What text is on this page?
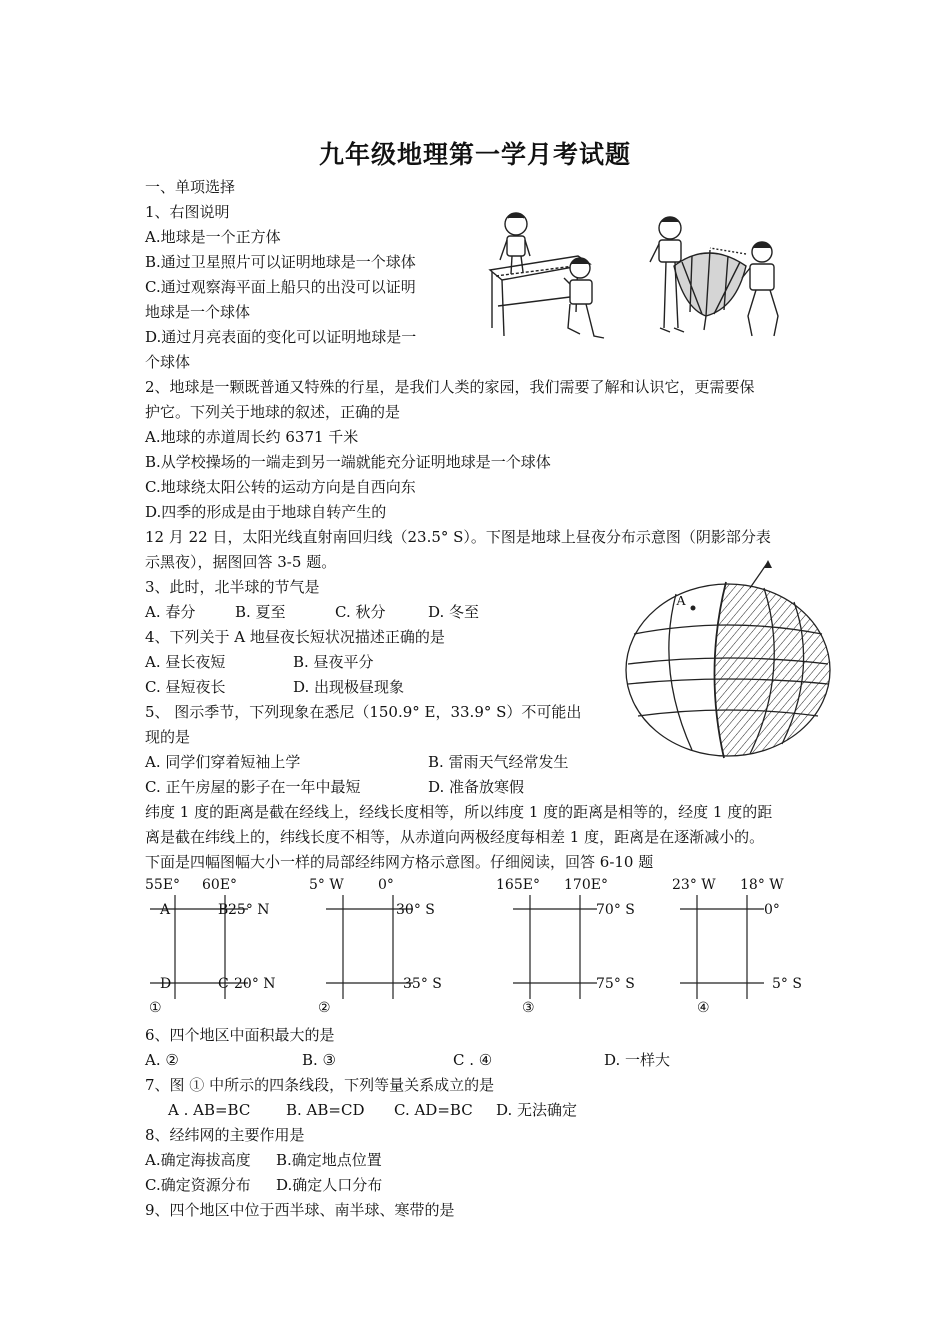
九年级地理第一学月考试题
一、单项选择
1、右图说明
A.地球是一个正方体
B.通过卫星照片可以证明地球是一个球体
C.通过观察海平面上船只的出没可以证明
地球是一个球体
D.通过月亮表面的变化可以证明地球是一
个球体
2、地球是一颗既普通又特殊的行星，是我们人类的家园，我们需要了解和认识它，更需要保
护它。下列关于地球的叙述，正确的是
A.地球的赤道周长约 6371 千米
B.从学校操场的一端走到另一端就能充分证明地球是一个球体
C.地球绕太阳公转的运动方向是自西向东
D.四季的形成是由于地球自转产生的
12 月 22 日，太阳光线直射南回归线（23.5° S）。下图是地球上昼夜分布示意图（阴影部分表
示黑夜），据图回答 3-5 题。
3、此时，北半球的节气是
A. 春分	B. 夏至	C. 秋分	D. 冬至
4、下列关于 A 地昼夜长短状况描述正确的是
A. 昼长夜短	B. 昼夜平分
C. 昼短夜长	D. 出现极昼现象
5、 图示季节，下列现象在悉尼（150.9° E，33.9° S）不可能出
现的是
A. 同学们穿着短袖上学	B. 雷雨天气经常发生
C. 正午房屋的影子在一年中最短	D. 准备放寒假
A
纬度 1 度的距离是截在经线上，经线长度相等，所以纬度 1 度的距离是相等的，经度 1 度的距
离是截在纬线上的，纬线长度不相等，从赤道向两极经度每相差 1 度，距离是在逐渐减小的。
下面是四幅图幅大小一样的局部经纬网方格示意图。仔细阅读，回答 6-10 题
55E° 60E°
A	B 25° N
D	C 20° N
①
5° W 0°
30° S
35° S
②
165E° 170E°
70° S
75° S
③
23° W 18° W
0°
5° S
④
6、四个地区中面积最大的是
A. ②	B. ③	C . ④	D. 一样大
7、图 ① 中所示的四条线段，下列等量关系成立的是
A . AB=BC B. AB=CD C. AD=BC D. 无法确定
8、经纬网的主要作用是
A.确定海拔高度 B.确定地点位置
C.确定资源分布 D.确定人口分布
9、四个地区中位于西半球、南半球、寒带的是
